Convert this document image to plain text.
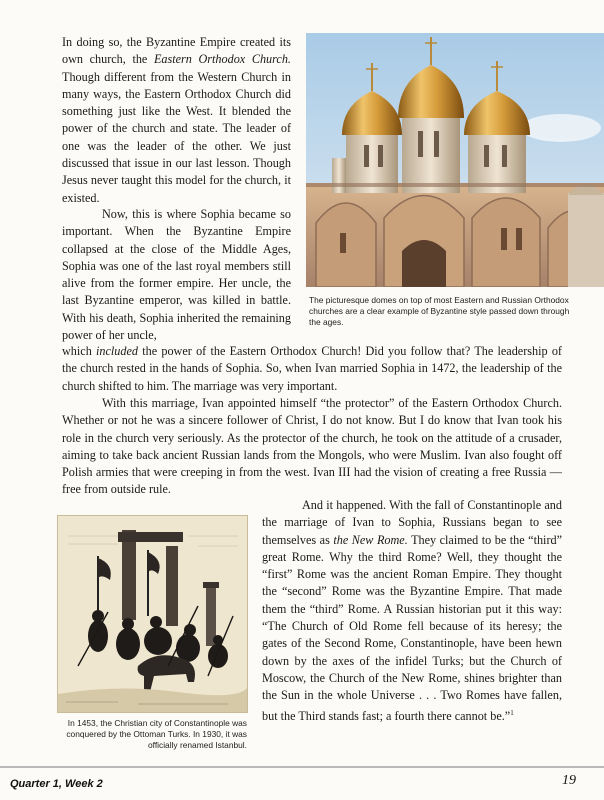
In doing so, the Byzantine Empire created its own church, the Eastern Orthodox Church. Though different from the Western Church in many ways, the Eastern Orthodox Church did something just like the West. It blended the power of the church and state. The leader of one was the leader of the other. We just discussed that issue in our last lesson. Though Jesus never taught this model for the church, it existed.

Now, this is where Sophia became so important. When the Byzantine Empire collapsed at the close of the Middle Ages, Sophia was one of the last royal members still alive from the former empire. Her uncle, the last Byzantine emperor, was killed in battle. With his death, Sophia inherited the remaining power of her uncle,

which included the power of the Eastern Orthodox Church! Did you follow that? The leadership of the church rested in the hands of Sophia. So, when Ivan married Sophia in 1472, the leadership of the church shifted to him. The marriage was very important.

With this marriage, Ivan appointed himself “the protector” of the Eastern Orthodox Church. Whether or not he was a sincere follower of Christ, I do not know. But I do know that Ivan took his role in the church very seriously. As the protector of the church, he took on the attitude of a crusader, aiming to take back ancient Russian lands from the Mongols, who were Muslim. Ivan also fought off Polish armies that were creeping in from the west. Ivan III had the vision of creating a free Russia — free from outside rule.

And it happened. With the fall of Constantinople and the marriage of Ivan to Sophia, Russians began to see themselves as the New Rome. They claimed to be the “third” great Rome. Why the third Rome? Well, they thought the “first” Rome was the ancient Roman Empire. They thought the “second” Rome was the Byzantine Empire. That made them the “third” Rome. A Russian historian put it this way: “The Church of Old Rome fell because of its heresy; the gates of the Second Rome, Constantinople, have been hewn down by the axes of the infidel Turks; but the Church of Moscow, the Church of the New Rome, shines brighter than the Sun in the whole Universe . . . Two Romes have fallen, but the Third stands fast; a fourth there cannot be.”$^1$

The picturesque domes on top of most Eastern and Russian Orthodox churches are a clear example of Byzantine style passed down through the ages.

In 1453, the Christian city of Constantinople was conquered by the Ottoman Turks. In 1930, it was officially renamed Istanbul.

Quarter 1, Week 2	19
